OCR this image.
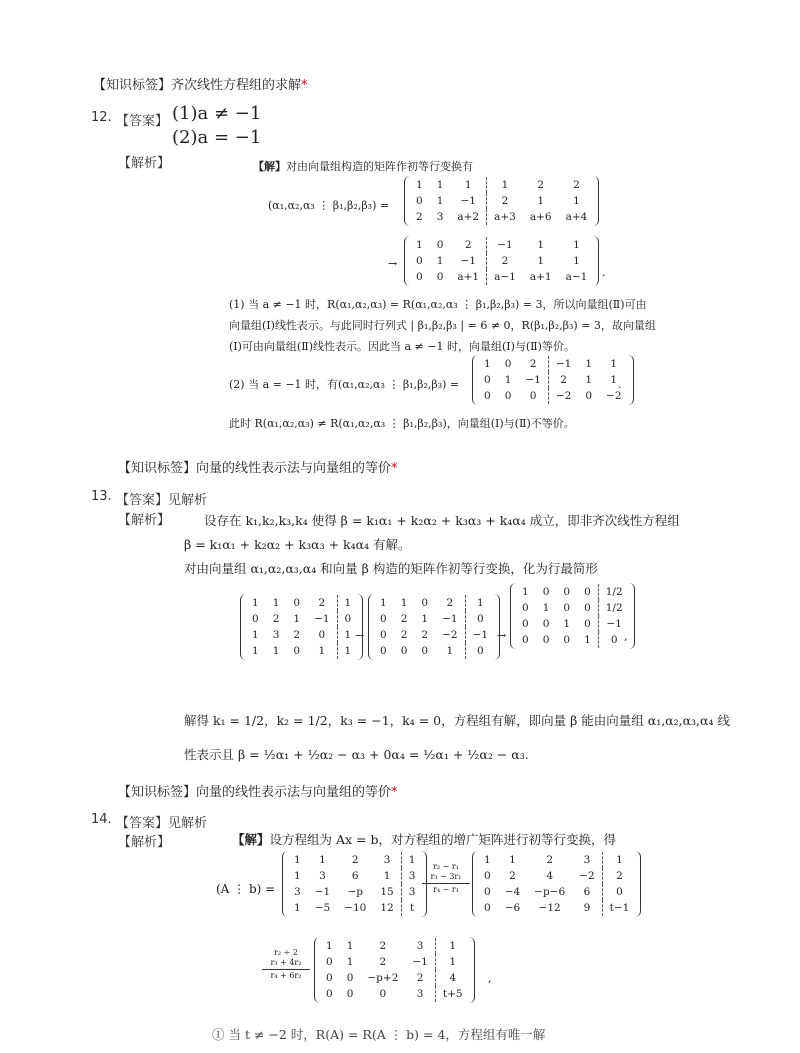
【知识标签】齐次线性方程组的求解*
12. 【答案】 (1)a ≠ −1
(2)a = −1
【解析】	【解】对由向量组构造的矩阵作初等行变换有
(α₁,α₂,α₃ ⋮ β₁,β₂,β₃) =
1	1	1	1	2	2
0	1	−1	2	1	1
2	3	a+2	a+3	a+6	a+4
→
1	0	2	−1	1	1
0	1	−1	2	1	1
0	0	a+1	a−1	a+1	a−1 .
(1) 当 a ≠ −1 时，R(α₁,α₂,α₃) = R(α₁,α₂,α₃ ⋮ β₁,β₂,β₃) = 3，所以向量组(Ⅱ)可由
向量组(Ⅰ)线性表示。与此同时行列式 | β₁,β₂,β₃ | = 6 ≠ 0，R(β₁,β₂,β₃) = 3，故向量组
(Ⅰ)可由向量组(Ⅱ)线性表示。因此当 a ≠ −1 时，向量组(Ⅰ)与(Ⅱ)等价。
(2) 当 a = −1 时，有(α₁,α₂,α₃ ⋮ β₁,β₂,β₃) =
1	0	2	−1	1	1
0	1	−1	2	1	1
0	0	0	−2	0	−2
.
此时 R(α₁,α₂,α₃) ≠ R(α₁,α₂,α₃ ⋮ β₁,β₂,β₃)，向量组(Ⅰ)与(Ⅱ)不等价。
【知识标签】向量的线性表示法与向量组的等价*
13. 【答案】见解析
【解析】	设存在 k₁,k₂,k₃,k₄ 使得 β = k₁α₁ + k₂α₂ + k₃α₃ + k₄α₄ 成立，即非齐次线性方程组
β = k₁α₁ + k₂α₂ + k₃α₃ + k₄α₄ 有解。
对由向量组 α₁,α₂,α₃,α₄ 和向量 β 构造的矩阵作初等行变换，化为行最简形
1	1	0	2	1
0	2	1	−1	0
1	3	2	0	1
1	1	0	1	1
→
1	1	0	2	1
0	2	1	−1	0
0	2	2	−2	−1
0	0	0	1	0
→
1	0	0	0	1/2
0	1	0	0	1/2
0	0	1	0	−1
0	0	0	1	0 ,
解得 k₁ = 1/2，k₂ = 1/2，k₃ = −1，k₄ = 0，方程组有解，即向量 β 能由向量组 α₁,α₂,α₃,α₄ 线
性表示且 β = ½α₁ + ½α₂ − α₃ + 0α₄ = ½α₁ + ½α₂ − α₃.
【知识标签】向量的线性表示法与向量组的等价*
14. 【答案】见解析
【解析】	【解】设方程组为 Ax = b，对方程组的增广矩阵进行初等行变换，得
(A ⋮ b) =
1	1	2	3	1
1	3	6	1	3
3	−1	−p	15	3
1	−5	−10	12	t
r₂ − r₁
r₃ − 3r₁
r₄ − r₁
1	1	2	3	1
0	2	4	−2	2
0	−4	−p−6	6	0
0	−6	−12	9	t−1
r₂ ÷ 2
r₃ + 4r₂
r₄ + 6r₂
1	1	2	3	1
0	1	2	−1	1
0	0	−p+2	2	4
0	0	0	3	t+5
,
① 当 t ≠ −2 时，R(A) = R(A ⋮ b) = 4，方程组有唯一解
